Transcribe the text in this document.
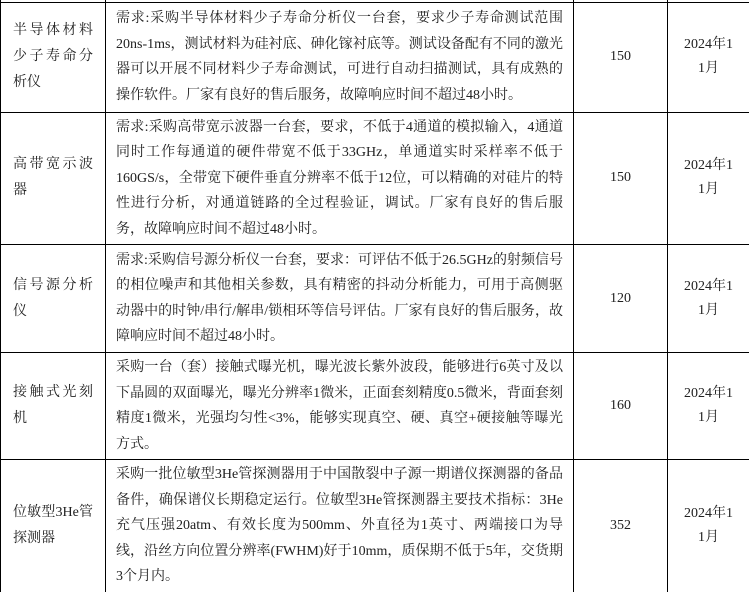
半导体材料少子寿命分析仪	需求:采购半导体材料少子寿命分析仪一台套，要求少子寿命测试范围20ns-1ms，测试材料为硅衬底、砷化镓衬底等。测试设备配有不同的激光器可以开展不同材料少子寿命测试，可进行自动扫描测试，具有成熟的操作软件。厂家有良好的售后服务，故障响应时间不超过48小时。	150	2024年11月
高带宽示波器	需求:采购高带宽示波器一台套，要求，不低于4通道的模拟输入，4通道同时工作每通道的硬件带宽不低于33GHz，单通道实时采样率不低于160GS/s，全带宽下硬件垂直分辨率不低于12位，可以精确的对硅片的特性进行分析，对通道链路的全过程验证，调试。厂家有良好的售后服务，故障响应时间不超过48小时。	150	2024年11月
信号源分析仪	需求:采购信号源分析仪一台套，要求：可评估不低于26.5GHz的射频信号的相位噪声和其他相关参数，具有精密的抖动分析能力，可用于高侧驱动器中的时钟/串行/解串/锁相环等信号评估。厂家有良好的售后服务，故障响应时间不超过48小时。	120	2024年11月
接触式光刻机	采购一台（套）接触式曝光机，曝光波长紫外波段，能够进行6英寸及以下晶圆的双面曝光，曝光分辨率1微米，正面套刻精度0.5微米，背面套刻精度1微米，光强均匀性<3%，能够实现真空、硬、真空+硬接触等曝光方式。	160	2024年11月
位敏型3He管探测器	采购一批位敏型3He管探测器用于中国散裂中子源一期谱仪探测器的备品备件，确保谱仪长期稳定运行。位敏型3He管探测器主要技术指标：3He充气压强20atm、有效长度为500mm、外直径为1英寸、两端接口为导线，沿丝方向位置分辨率(FWHM)好于10mm，质保期不低于5年，交货期3个月内。	352	2024年11月
